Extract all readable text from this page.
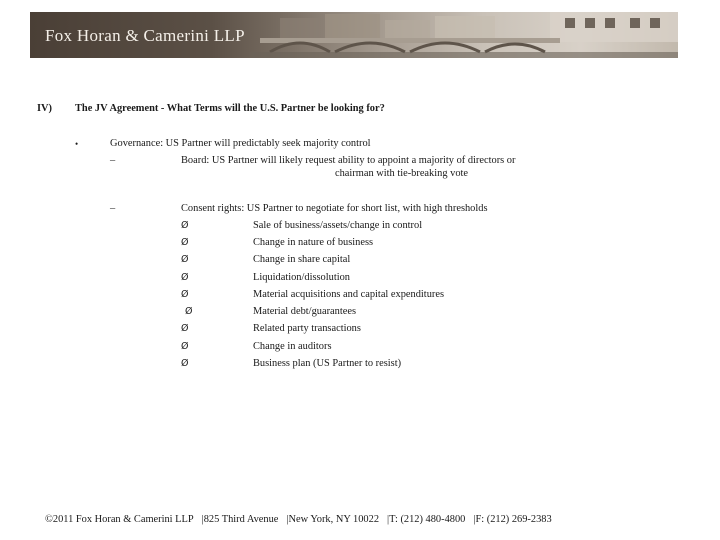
Fox Horan & Camerini LLP
IV) The JV Agreement - What Terms will the U.S. Partner be looking for?
•	Governance: US Partner will predictably seek majority control
–	Board: US Partner will likely request ability to appoint a majority of directors or
chairman with tie-breaking vote
–	Consent rights: US Partner to negotiate for short list, with high thresholds
Ø	Sale of business/assets/change in control
Ø	Change in nature of business
Ø	Change in share capital
Ø	Liquidation/dissolution
Ø	Material acquisitions and capital expenditures
Ø	Material debt/guarantees
Ø	Related party transactions
Ø	Change in auditors
Ø	Business plan (US Partner to resist)
©2011 Fox Horan & Camerini LLP |825 Third Avenue |New York, NY 10022 |T: (212) 480-4800 |F: (212) 269-2383
